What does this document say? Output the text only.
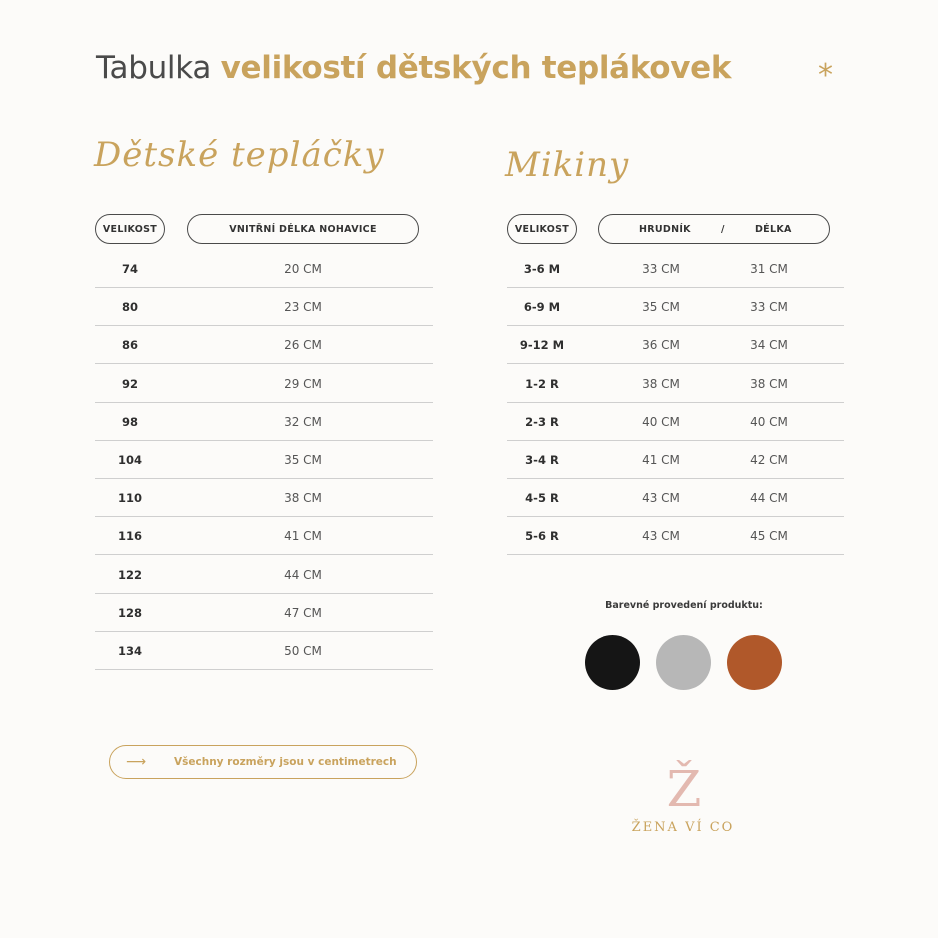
Tabulka velikostí dětských teplákovek	*
Dětské tepláčky
VELIKOST	VNITŘNÍ DÉLKA NOHAVICE
74	20 CM
80	23 CM
86	26 CM
92	29 CM
98	32 CM
104	35 CM
110	38 CM
116	41 CM
122	44 CM
128	47 CM
134	50 CM
Mikiny
VELIKOST	HRUDNÍK	/	DÉLKA
3-6 M	33 CM	31 CM
6-9 M	35 CM	33 CM
9-12 M	36 CM	34 CM
1-2 R	38 CM	38 CM
2-3 R	40 CM	40 CM
3-4 R	41 CM	42 CM
4-5 R	43 CM	44 CM
5-6 R	43 CM	45 CM
Barevné provedení produktu:
⟶	Všechny rozměry jsou v centimetrech	Ž
ŽENA VÍ CO
